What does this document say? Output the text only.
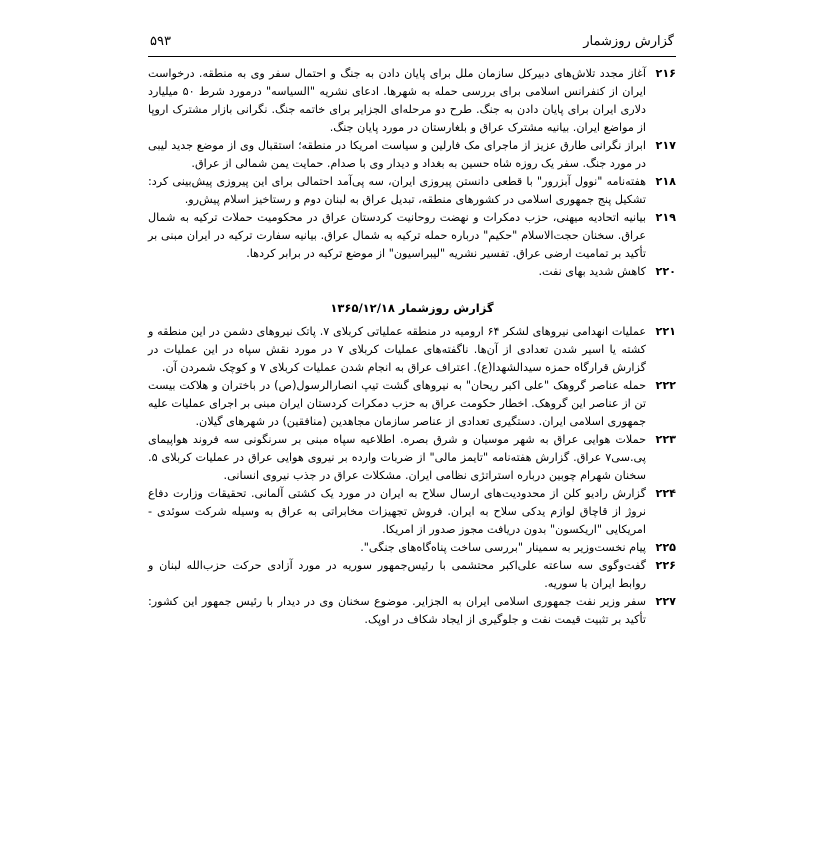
گزارش روزشمار
۵۹۳

۲۱۶
آغاز مجدد تلاش‌های دبیرکل سازمان ملل برای پایان دادن به جنگ و احتمال سفر وی به منطقه. درخواست ایران از کنفرانس اسلامی برای بررسی حمله به شهرها. ادعای نشریه "السیاسه" درمورد شرط ۵۰ میلیارد دلاری ایران برای پایان دادن به جنگ. طرح دو مرحله‌ای الجزایر برای خاتمه جنگ. نگرانی بازار مشترک اروپا از مواضع ایران. بیانیه مشترک عراق و بلغارستان در مورد پایان جنگ.

۲۱۷
ابراز نگرانی طارق عزیز از ماجرای مک فارلین و سیاست امریکا در منطقه؛ استقبال وی از موضع جدید لیبی در مورد جنگ. سفر یک روزه شاه حسین به بغداد و دیدار وی با صدام. حمایت یمن شمالی از عراق.

۲۱۸
هفته‌نامه "نوول آبزرور" با قطعی دانستن پیروزی ایران، سه پی‌آمد احتمالی برای این پیروزی پیش‌بینی کرد: تشکیل پنج جمهوری اسلامی در کشورهای منطقه، تبدیل عراق به لبنان دوم و رستاخیز اسلام پیش‌رو.

۲۱۹
بیانیه اتحادیه میهنی، حزب دمکرات و نهضت روحانیت کردستان عراق در محکومیت حملات ترکیه به شمال عراق. سخنان حجت‌الاسلام "حکیم" درباره حمله ترکیه به شمال عراق. بیانیه سفارت ترکیه در ایران مبنی بر تأکید بر تمامیت ارضی عراق. تفسیر نشریه "لیبراسیون" از موضع ترکیه در برابر کردها.

۲۲۰
کاهش شدید بهای نفت.

گزارش روزشمار ۱۳۶۵/۱۲/۱۸

۲۲۱
عملیات انهدامی نیروهای لشکر ۶۴ ارومیه در منطقه عملیاتی کربلای ۷. پاتک نیروهای دشمن در این منطقه و کشته یا اسیر شدن تعدادی از آن‌ها. ناگفته‌های عملیات کربلای ۷ در مورد نقش سپاه در این عملیات در گزارش قرارگاه حمزه سیدالشهدا(ع). اعتراف عراق به انجام شدن عملیات کربلای ۷ و کوچک شمردن آن.

۲۲۲
حمله عناصر گروهک "علی اکبر ریحان" به نیروهای گشت تیپ انصارالرسول(ص) در باختران و هلاکت بیست تن از عناصر این گروهک. اخطار حکومت عراق به حزب دمکرات کردستان ایران مبنی بر اجرای عملیات علیه جمهوری اسلامی ایران. دستگیری تعدادی از عناصر سازمان مجاهدین (منافقین) در شهرهای گیلان.

۲۲۳
حملات هوایی عراق به شهر موسیان و شرق بصره. اطلاعیه سپاه مبنی بر سرنگونی سه فروند هواپیمای پی.سی۷ عراق. گزارش هفته‌نامه "تایمز مالی" از ضربات وارده بر نیروی هوایی عراق در عملیات کربلای ۵. سخنان شهرام چوبین درباره استراتژی نظامی ایران. مشکلات عراق در جذب نیروی انسانی.

۲۲۴
گزارش رادیو کلن از محدودیت‌های ارسال سلاح به ایران در مورد یک کشتی آلمانی. تحقیقات وزارت دفاع نروژ از قاچاق لوازم یدکی سلاح به ایران. فروش تجهیزات مخابراتی به عراق به وسیله شرکت سوئدی - امریکایی "اریکسون" بدون دریافت مجوز صدور از امریکا.

۲۲۵
پیام نخست‌وزیر به سمینار "بررسی ساخت پناه‌گاه‌های جنگی".

۲۲۶
گفت‌وگوی سه ساعته علی‌اکبر محتشمی با رئیس‌جمهور سوریه در مورد آزادی حرکت حزب‌الله لبنان و روابط ایران با سوریه.

۲۲۷
سفر وزیر نفت جمهوری اسلامی ایران به الجزایر. موضوع سخنان وی در دیدار با رئیس جمهور این کشور: تأکید بر تثبیت قیمت نفت و جلوگیری از ایجاد شکاف در اوپک.
